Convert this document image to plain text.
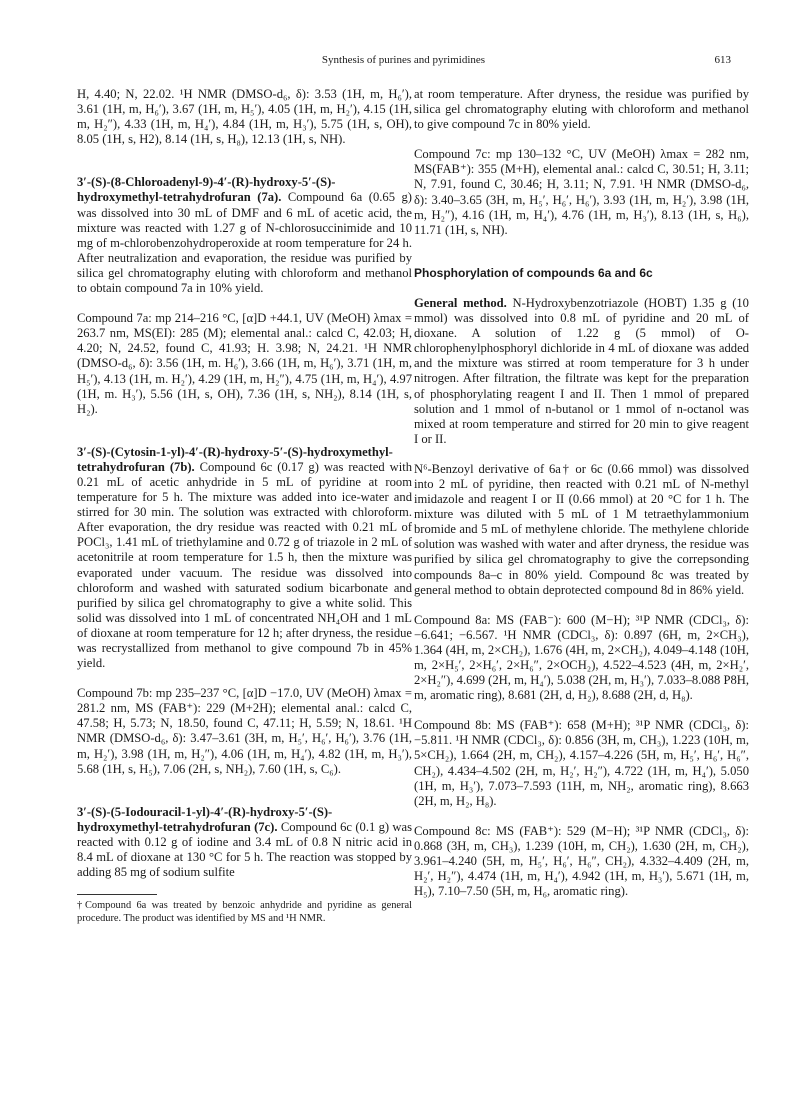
Synthesis of purines and pyrimidines	613

H, 4.40; N, 22.02. ¹H NMR (DMSO-d₆, δ): 3.53 (1H, m, H₆′), 3.61 (1H, m, H₆′), 3.67 (1H, m, H₅′), 4.05 (1H, m, H₂′), 4.15 (1H, m, H₂″), 4.33 (1H, m, H₄′), 4.84 (1H, m, H₃′), 5.75 (1H, s, OH), 8.05 (1H, s, H2), 8.14 (1H, s, H₈), 12.13 (1H, s, NH).

3′-(S)-(8-Chloroadenyl-9)-4′-(R)-hydroxy-5′-(S)-hydroxymethyl-tetrahydrofuran (7a). Compound 6a (0.65 g) was dissolved into 30 mL of DMF and 6 mL of acetic acid, the mixture was reacted with 1.27 g of N-chlorosuccinimide and 10 mg of m-chlorobenzohydroperoxide at room temperature for 24 h. After neutralization and evaporation, the residue was purified by silica gel chromatography eluting with chloroform and methanol to obtain compound 7a in 10% yield.

Compound 7a: mp 214–216 °C, [α]D +44.1, UV (MeOH) λmax = 263.7 nm, MS(EI): 285 (M); elemental anal.: calcd C, 42.03; H, 4.20; N, 24.52, found C, 41.93; H. 3.98; N, 24.21. ¹H NMR (DMSO-d₆, δ): 3.56 (1H, m. H₆′), 3.66 (1H, m, H₆′), 3.71 (1H, m, H₅′), 4.13 (1H, m. H₂′), 4.29 (1H, m, H₂″), 4.75 (1H, m, H₄′), 4.97 (1H, m. H₃′), 5.56 (1H, s, OH), 7.36 (1H, s, NH₂), 8.14 (1H, s, H₂).

3′-(S)-(Cytosin-1-yl)-4′-(R)-hydroxy-5′-(S)-hydroxymethyl-tetrahydrofuran (7b). Compound 6c (0.17 g) was reacted with 0.21 mL of acetic anhydride in 5 mL of pyridine at room temperature for 5 h. The mixture was added into ice-water and stirred for 30 min. The solution was extracted with chloroform. After evaporation, the dry residue was reacted with 0.21 mL of POCl₃, 1.41 mL of triethylamine and 0.72 g of triazole in 2 mL of acetonitrile at room temperature for 1.5 h, then the mixture was evaporated under vacuum. The residue was dissolved into chloroform and washed with saturated sodium bicarbonate and purified by silica gel chromatography to give a white solid. This solid was dissolved into 1 mL of concentrated NH₄OH and 1 mL of dioxane at room temperature for 12 h; after dryness, the residue was recrystallized from methanol to give compound 7b in 45% yield.

Compound 7b: mp 235–237 °C, [α]D −17.0, UV (MeOH) λmax = 281.2 nm, MS (FAB⁺): 229 (M+2H); elemental anal.: calcd C, 47.58; H, 5.73; N, 18.50, found C, 47.11; H, 5.59; N, 18.61. ¹H NMR (DMSO-d₆, δ): 3.47–3.61 (3H, m, H₅′, H₆′, H₆′), 3.76 (1H, m, H₂′), 3.98 (1H, m, H₂″), 4.06 (1H, m, H₄′), 4.82 (1H, m, H₃′), 5.68 (1H, s, H₅), 7.06 (2H, s, NH₂), 7.60 (1H, s, C₆).

3′-(S)-(5-Iodouracil-1-yl)-4′-(R)-hydroxy-5′-(S)-hydroxymethyl-tetrahydrofuran (7c). Compound 6c (0.1 g) was reacted with 0.12 g of iodine and 3.4 mL of 0.8 N nitric acid in 8.4 mL of dioxane at 130 °C for 5 h. The reaction was stopped by adding 85 mg of sodium sulfite

†Compound 6a was treated by benzoic anhydride and pyridine as general procedure. The product was identified by MS and ¹H NMR.

at room temperature. After dryness, the residue was purified by silica gel chromatography eluting with chloroform and methanol to give compound 7c in 80% yield.

Compound 7c: mp 130–132 °C, UV (MeOH) λmax = 282 nm, MS(FAB⁺): 355 (M+H), elemental anal.: calcd C, 30.51; H, 3.11; N, 7.91, found C, 30.46; H, 3.11; N, 7.91. ¹H NMR (DMSO-d₆, δ): 3.40–3.65 (3H, m, H₅′, H₆′, H₆′), 3.93 (1H, m, H₂′), 3.98 (1H, m, H₂″), 4.16 (1H, m, H₄′), 4.76 (1H, m, H₃′), 8.13 (1H, s, H₆), 11.71 (1H, s, NH).

Phosphorylation of compounds 6a and 6c

General method. N-Hydroxybenzotriazole (HOBT) 1.35 g (10 mmol) was dissolved into 0.8 mL of pyridine and 20 mL of dioxane. A solution of 1.22 g (5 mmol) of O-chlorophenylphosphoryl dichloride in 4 mL of dioxane was added and the mixture was stirred at room temperature for 3 h under nitrogen. After filtration, the filtrate was kept for the preparation of phosphorylating reagent I and II. Then 1 mmol of prepared solution and 1 mmol of n-butanol or 1 mmol of n-octanol was mixed at room temperature and stirred for 20 min to give reagent I or II.

N⁶-Benzoyl derivative of 6a† or 6c (0.66 mmol) was dissolved into 2 mL of pyridine, then reacted with 0.21 mL of N-methyl imidazole and reagent I or II (0.66 mmol) at 20 °C for 1 h. The mixture was diluted with 5 mL of 1 M tetraethylammonium bromide and 5 mL of methylene chloride. The methylene chloride solution was washed with water and after dryness, the residue was purified by silica gel chromatography to give the correpsonding compounds 8a–c in 80% yield. Compound 8c was treated by general method to obtain deprotected compound 8d in 86% yield.

Compound 8a: MS (FAB⁻): 600 (M−H); ³¹P NMR (CDCl₃, δ): −6.641; −6.567. ¹H NMR (CDCl₃, δ): 0.897 (6H, m, 2×CH₃), 1.364 (4H, m, 2×CH₂), 1.676 (4H, m, 2×CH₂), 4.049–4.148 (10H, m, 2×H₅′, 2×H₆′, 2×H₆″, 2×OCH₂), 4.522–4.523 (4H, m, 2×H₂′, 2×H₂″), 4.699 (2H, m, H₄′), 5.038 (2H, m, H₃′), 7.033–8.088 P8H, m, aromatic ring), 8.681 (2H, d, H₂), 8.688 (2H, d, H₈).

Compound 8b: MS (FAB⁺): 658 (M+H); ³¹P NMR (CDCl₃, δ): −5.811. ¹H NMR (CDCl₃, δ): 0.856 (3H, m, CH₃), 1.223 (10H, m, 5×CH₂), 1.664 (2H, m, CH₂), 4.157–4.226 (5H, m, H₅′, H₆′, H₆″, CH₂), 4.434–4.502 (2H, m, H₂′, H₂″), 4.722 (1H, m, H₄′), 5.050 (1H, m, H₃′), 7.073–7.593 (11H, m, NH₂, aromatic ring), 8.663 (2H, m, H₂, H₈).

Compound 8c: MS (FAB⁺): 529 (M−H); ³¹P NMR (CDCl₃, δ): 0.868 (3H, m, CH₃), 1.239 (10H, m, CH₂), 1.630 (2H, m, CH₂), 3.961–4.240 (5H, m, H₅′, H₆′, H₆″, CH₂), 4.332–4.409 (2H, m, H₂′, H₂″), 4.474 (1H, m, H₄′), 4.942 (1H, m, H₃′), 5.671 (1H, m, H₅), 7.10–7.50 (5H, m, H₆, aromatic ring).
